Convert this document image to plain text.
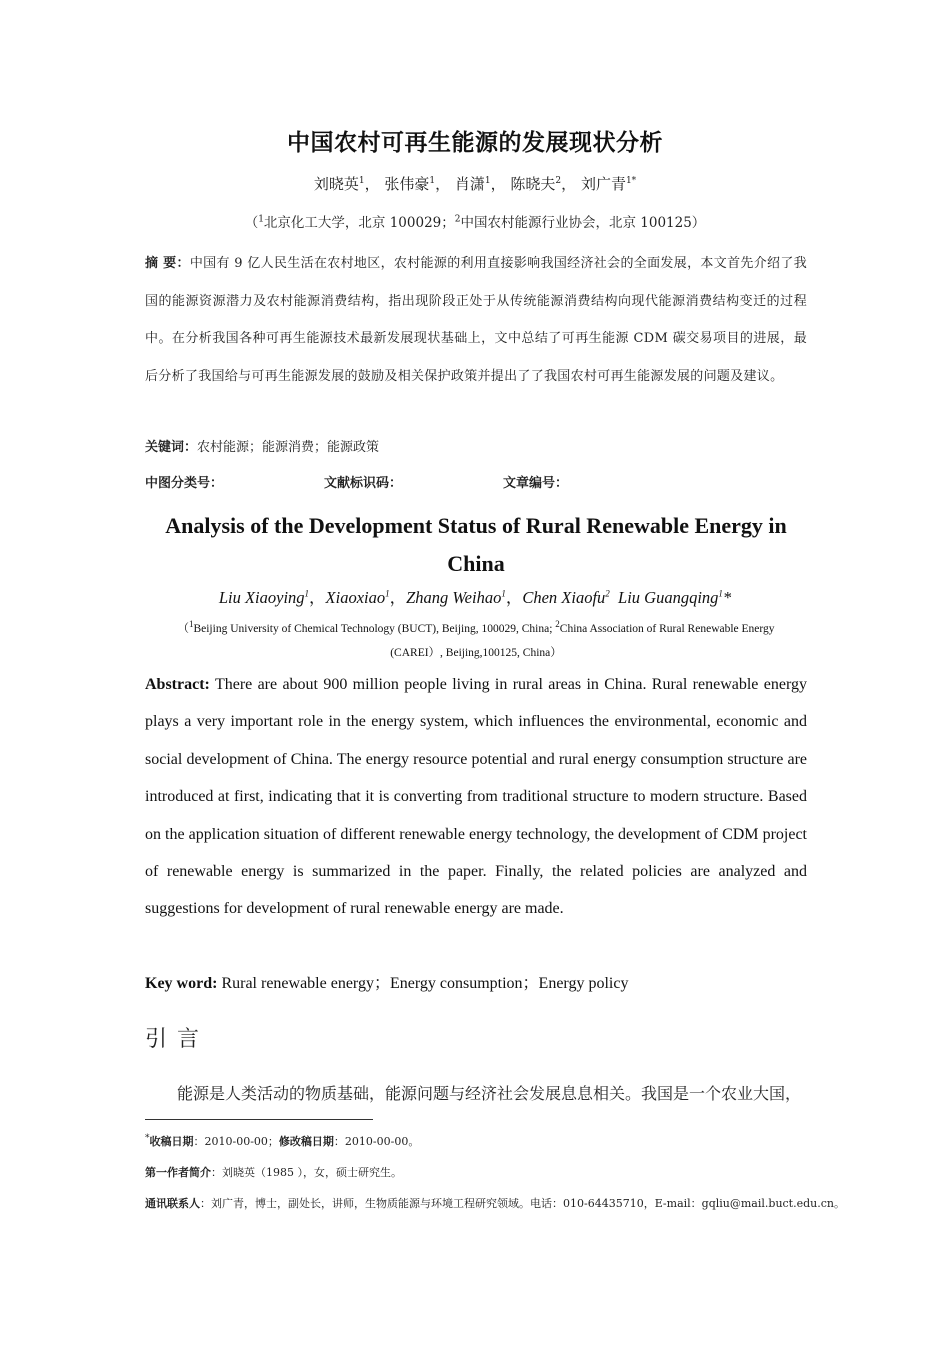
中国农村可再生能源的发展现状分析
刘晓英$^1$， 张伟豪$^1$， 肖潇$^1$， 陈晓夫$^2$， 刘广青$^{1*}$
（$^1$北京化工大学，北京 100029；$^2$中国农村能源行业协会，北京 100125）
摘 要：中国有 9 亿人民生活在农村地区，农村能源的利用直接影响我国经济社会的全面发展，本文首先介绍了我国的能源资源潜力及农村能源消费结构，指出现阶段正处于从传统能源消费结构向现代能源消费结构变迁的过程中。在分析我国各种可再生能源技术最新发展现状基础上，文中总结了可再生能源 CDM 碳交易项目的进展，最后分析了我国给与可再生能源发展的鼓励及相关保护政策并提出了了我国农村可再生能源发展的问题及建议。
关键词：农村能源；能源消费；能源政策
中图分类号：	文献标识码：	文章编号：
Analysis of the Development Status of Rural Renewable Energy in China
Liu Xiaoying$^1$，Xiaoxiao$^1$，Zhang Weihao$^1$，Chen Xiaofu$^2$ Liu Guangqing$^1$*
（$^1$Beijing University of Chemical Technology (BUCT), Beijing, 100029, China; $^2$China Association of Rural Renewable Energy (CAREI）, Beijing,100125, China）
Abstract: There are about 900 million people living in rural areas in China. Rural renewable energy plays a very important role in the energy system, which influences the environmental, economic and social development of China. The energy resource potential and rural energy consumption structure are introduced at first, indicating that it is converting from traditional structure to modern structure. Based on the application situation of different renewable energy technology, the development of CDM project of renewable energy is summarized in the paper. Finally, the related policies are analyzed and suggestions for development of rural renewable energy are made.
Key word: Rural renewable energy；Energy consumption；Energy policy
引言
能源是人类活动的物质基础，能源问题与经济社会发展息息相关。我国是一个农业大国，
*收稿日期：2010-00-00；修改稿日期：2010-00-00。
第一作者简介：刘晓英（1985 ），女，硕士研究生。
通讯联系人：刘广青，博士，副处长，讲师，生物质能源与环境工程研究领域。电话：010-64435710，E-mail：gqliu@mail.buct.edu.cn。
